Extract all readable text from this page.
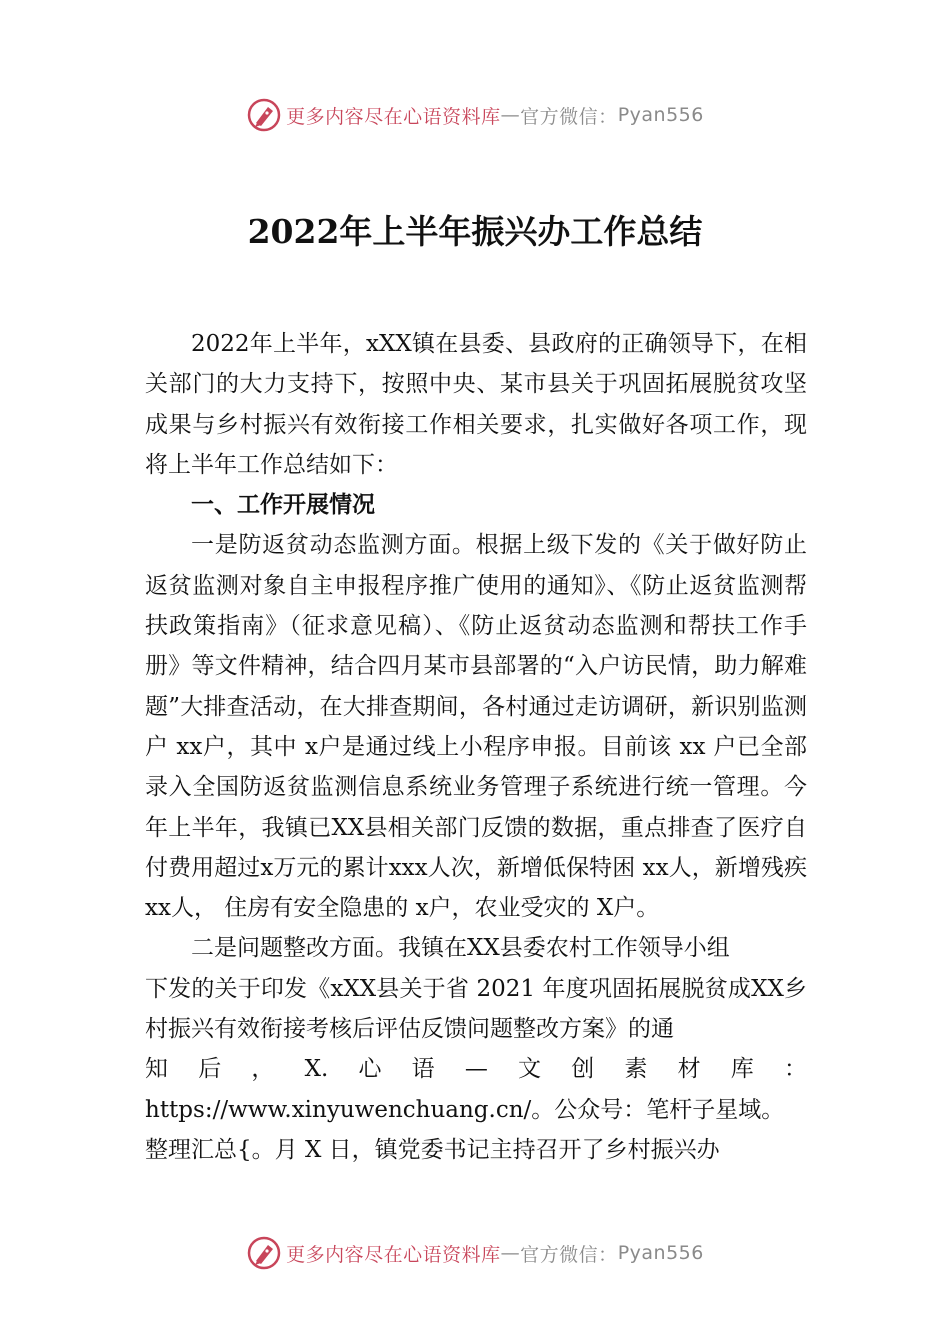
更多内容尽在心语资料库 — 官方微信： Pyan556
2022年上半年振兴办工作总结

2022年上半年，xXX镇在县委、县政府的正确领导下，在相关部门的大力支持下，按照中央、某市县关于巩固拓展脱贫攻坚成果与乡村振兴有效衔接工作相关要求，扎实做好各项工作，现将上半年工作总结如下：

一、工作开展情况

一是防返贫动态监测方面。根据上级下发的《关于做好防止返贫监测对象自主申报程序推广使用的通知》、《防止返贫监测帮扶政策指南》（征求意见稿）、《防止返贫动态监测和帮扶工作手册》等文件精神，结合四月某市县部署的“入户访民情，助力解难题”大排查活动，在大排查期间，各村通过走访调研，新识别监测户 xx户，其中 x户是通过线上小程序申报。目前该 xx 户已全部录入全国防返贫监测信息系统业务管理子系统进行统一管理。今年上半年，我镇已XX县相关部门反馈的数据，重点排查了医疗自付费用超过x万元的累计xxx人次，新增低保特困 xx人，新增残疾 xx人， 住房有安全隐患的 x户，农业受灾的 X户。

二是问题整改方面。我镇在XX县委农村工作领导小组

下发的关于印发《xXX县关于省 2021 年度巩固拓展脱贫成XX乡村振兴有效衔接考核后评估反馈问题整改方案》的通

知后，X.心语—文创素材库：

https://www.xinyuwenchuang.cn/。公众号：笔杆子星域。

整理汇总{。月 X 日，镇党委书记主持召开了乡村振兴办

更多内容尽在心语资料库 — 官方微信： Pyan556
